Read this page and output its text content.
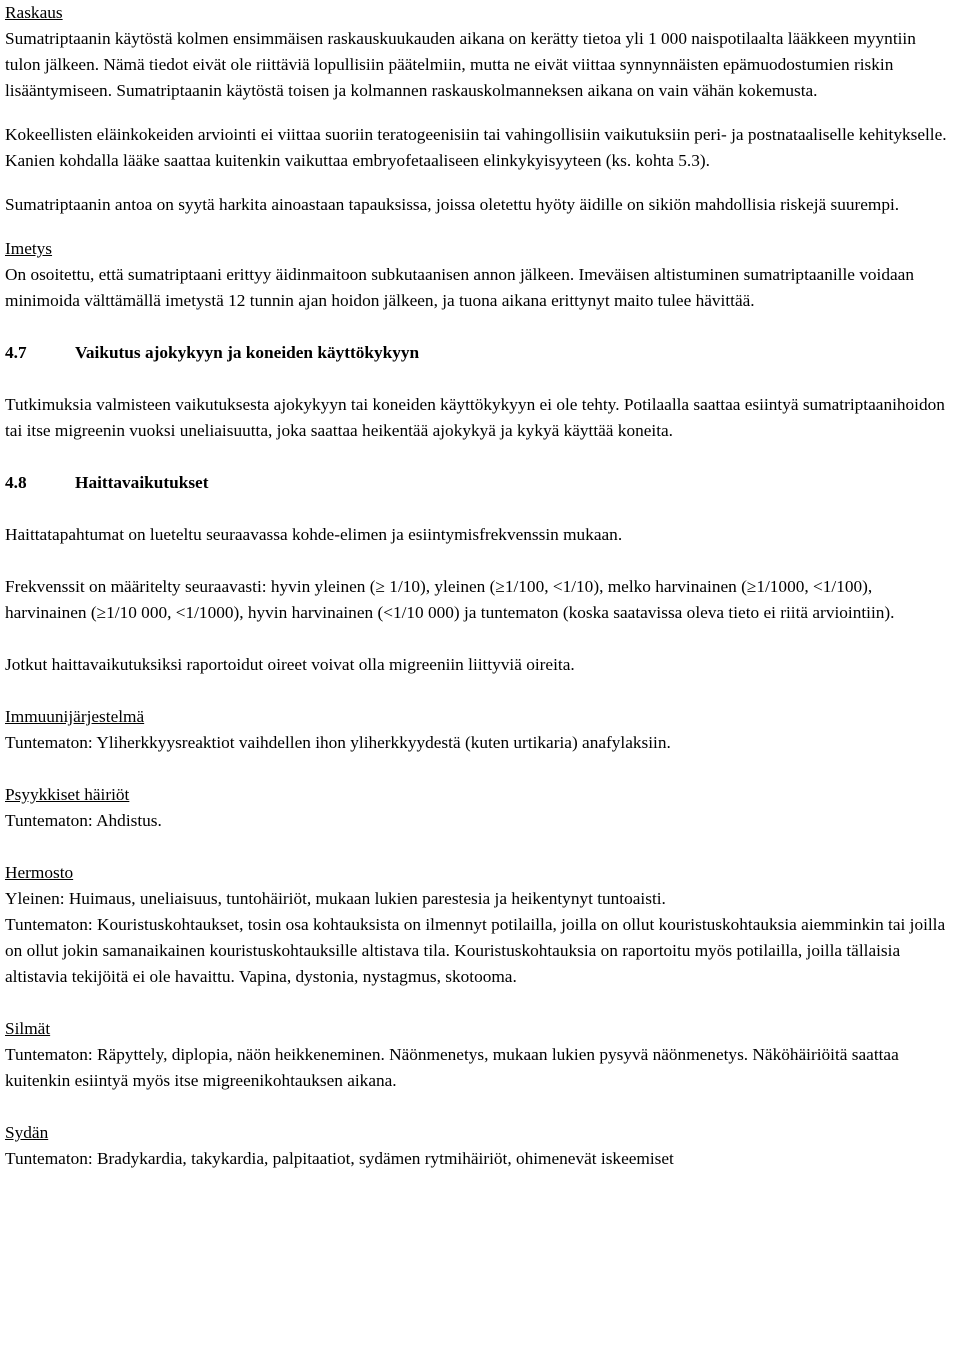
Raskaus

Sumatriptaanin käytöstä kolmen ensimmäisen raskauskuukauden aikana on kerätty tietoa yli 1 000 naispotilaalta lääkkeen myyntiin tulon jälkeen. Nämä tiedot eivät ole riittäviä lopullisiin päätelmiin, mutta ne eivät viittaa synnynnäisten epämuodostumien riskin lisääntymiseen. Sumatriptaanin käytöstä toisen ja kolmannen raskauskolmanneksen aikana on vain vähän kokemusta.

Kokeellisten eläinkokeiden arviointi ei viittaa suoriin teratogeenisiin tai vahingollisiin vaikutuksiin peri- ja postnataaliselle kehitykselle. Kanien kohdalla lääke saattaa kuitenkin vaikuttaa embryofetaaliseen elinkykyisyyteen (ks. kohta 5.3).

Sumatriptaanin antoa on syytä harkita ainoastaan tapauksissa, joissa oletettu hyöty äidille on sikiön mahdollisia riskejä suurempi.

Imetys

On osoitettu, että sumatriptaani erittyy äidinmaitoon subkutaanisen annon jälkeen. Imeväisen altistuminen sumatriptaanille voidaan minimoida välttämällä imetystä 12 tunnin ajan hoidon jälkeen, ja tuona aikana erittynyt maito tulee hävittää.

4.7	Vaikutus ajokykyyn ja koneiden käyttökykyyn

Tutkimuksia valmisteen vaikutuksesta ajokykyyn tai koneiden käyttökykyyn ei ole tehty. Potilaalla saattaa esiintyä sumatriptaanihoidon tai itse migreenin vuoksi uneliaisuutta, joka saattaa heikentää ajokykyä ja kykyä käyttää koneita.

4.8	Haittavaikutukset

Haittatapahtumat on lueteltu seuraavassa kohde-elimen ja esiintymisfrekvenssin mukaan.

Frekvenssit on määritelty seuraavasti: hyvin yleinen (≥ 1/10), yleinen (≥1/100, <1/10), melko harvinainen (≥1/1000, <1/100), harvinainen (≥1/10 000, <1/1000), hyvin harvinainen (<1/10 000) ja tuntematon (koska saatavissa oleva tieto ei riitä arviointiin).

Jotkut haittavaikutuksiksi raportoidut oireet voivat olla migreeniin liittyviä oireita.

Immuunijärjestelmä

Tuntematon: Yliherkkyysreaktiot vaihdellen ihon yliherkkyydestä (kuten urtikaria) anafylaksiin.

Psyykkiset häiriöt

Tuntematon: Ahdistus.

Hermosto

Yleinen: Huimaus, uneliaisuus, tuntohäiriöt, mukaan lukien parestesia ja heikentynyt tuntoaisti.

Tuntematon: Kouristuskohtaukset, tosin osa kohtauksista on ilmennyt potilailla, joilla on ollut kouristuskohtauksia aiemminkin tai joilla on ollut jokin samanaikainen kouristuskohtauksille altistava tila. Kouristuskohtauksia on raportoitu myös potilailla, joilla tällaisia altistavia tekijöitä ei ole havaittu. Vapina, dystonia, nystagmus, skotooma.

Silmät

Tuntematon: Räpyttely, diplopia, näön heikkeneminen. Näönmenetys, mukaan lukien pysyvä näönmenetys. Näköhäiriöitä saattaa kuitenkin esiintyä myös itse migreenikohtauksen aikana.

Sydän

Tuntematon: Bradykardia, takykardia, palpitaatiot, sydämen rytmihäiriöt, ohimenevät iskeemiset
